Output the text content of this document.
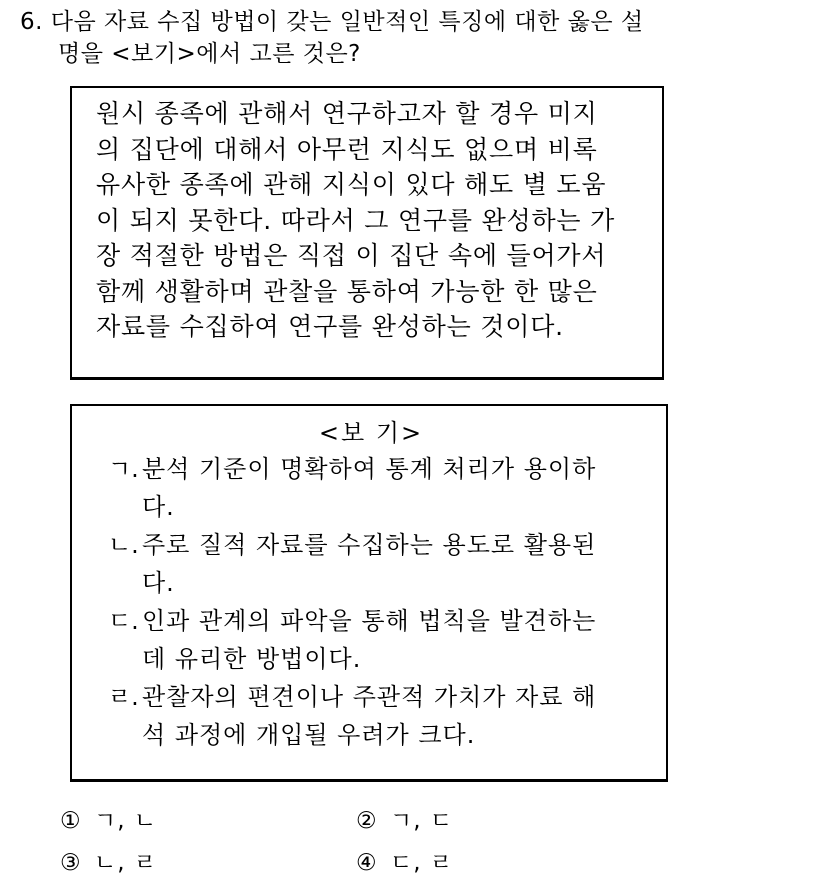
6. 다음 자료 수집 방법이 갖는 일반적인 특징에 대한 옳은 설
명을 <보기>에서 고른 것은?
원시 종족에 관해서 연구하고자 할 경우 미지
의 집단에 대해서 아무런 지식도 없으며 비록
유사한 종족에 관해 지식이 있다 해도 별 도움
이 되지 못한다. 따라서 그 연구를 완성하는 가
장 적절한 방법은 직접 이 집단 속에 들어가서
함께 생활하며 관찰을 통하여 가능한 한 많은
자료를 수집하여 연구를 완성하는 것이다.
<보 기>
ㄱ. 분석 기준이 명확하여 통계 처리가 용이하
다.
ㄴ. 주로 질적 자료를 수집하는 용도로 활용된
다.
ㄷ. 인과 관계의 파악을 통해 법칙을 발견하는
데 유리한 방법이다.
ㄹ. 관찰자의 편견이나 주관적 가치가 자료 해
석 과정에 개입될 우려가 크다.
① ㄱ, ㄴ	② ㄱ, ㄷ
③ ㄴ, ㄹ	④ ㄷ, ㄹ
